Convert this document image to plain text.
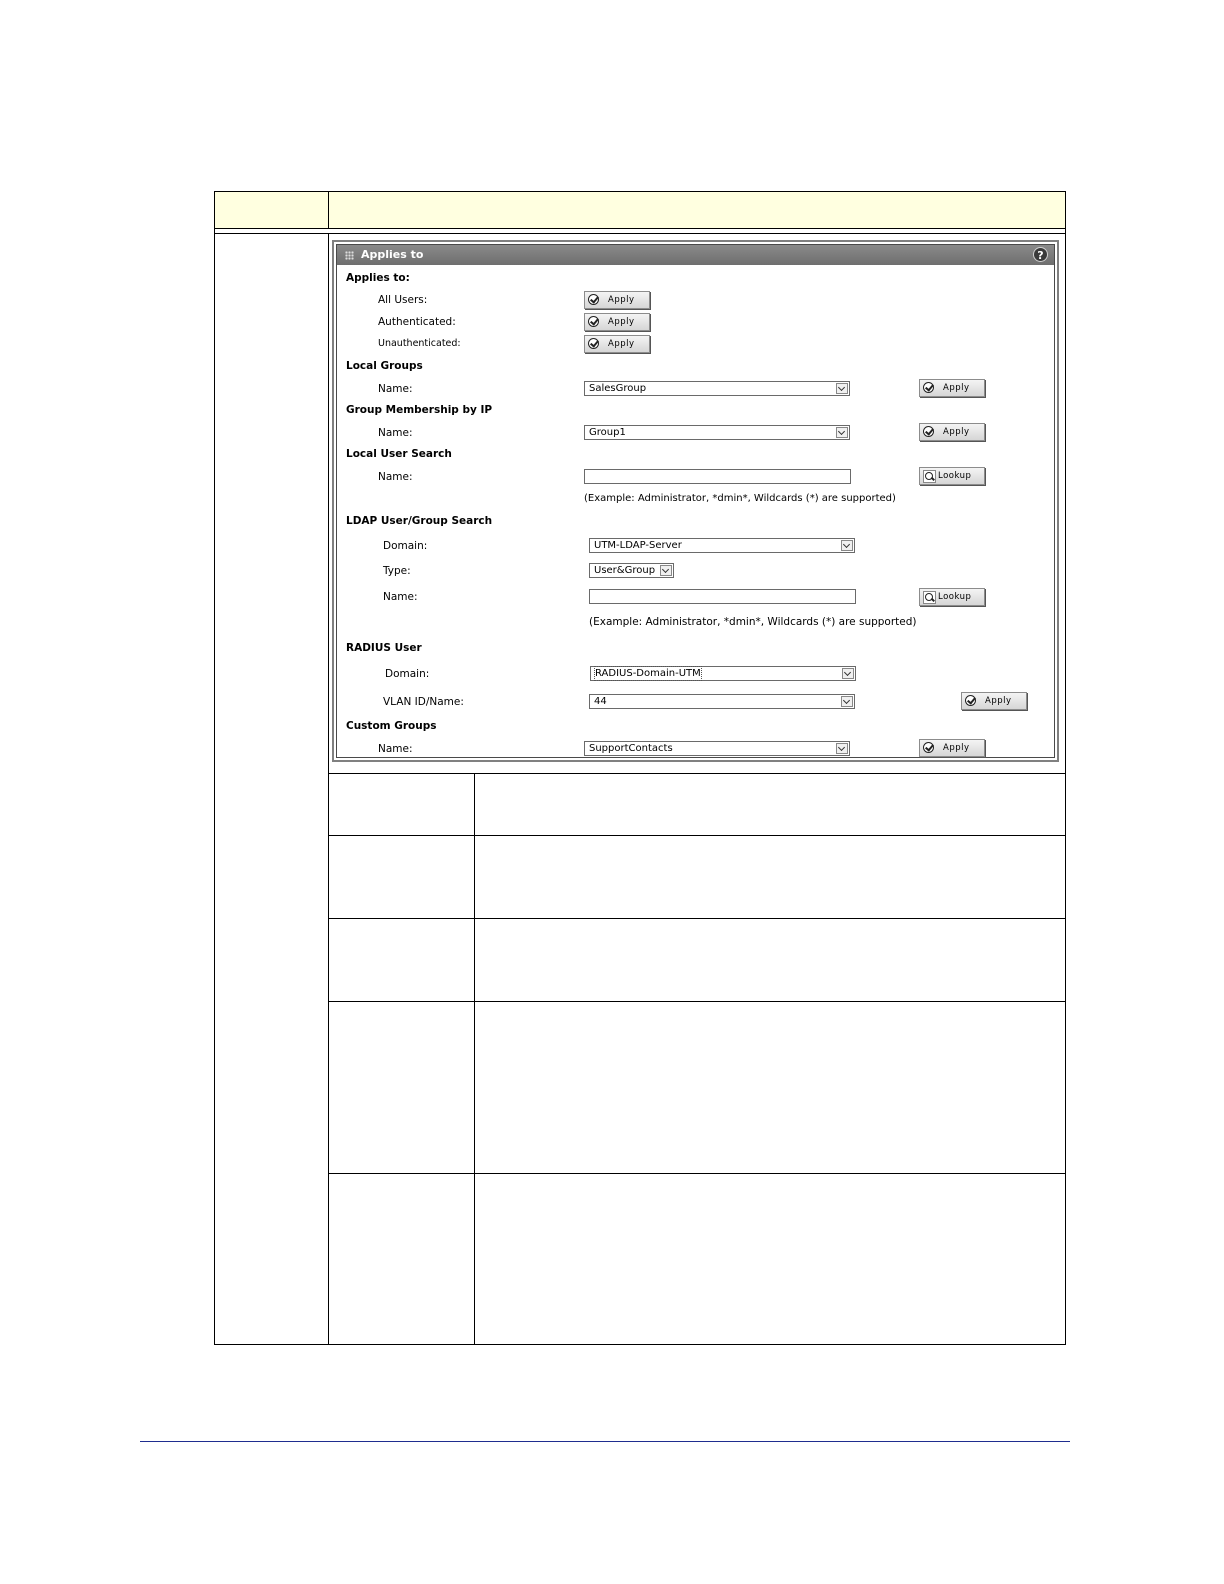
Applies to	?
Applies to:
All Users:	Apply
Authenticated:	Apply
Unauthenticated:	Apply
Local Groups
Name:	SalesGroup	Apply
Group Membership by IP
Name:	Group1	Apply
Local User Search
Name:	Lookup
(Example: Administrator, *dmin*, Wildcards (*) are supported)
LDAP User/Group Search
Domain:	UTM-LDAP-Server
Type:	User&Group
Name:	Lookup
(Example: Administrator, *dmin*, Wildcards (*) are supported)
RADIUS User
Domain:	RADIUS-Domain-UTM
VLAN ID/Name:	44	Apply
Custom Groups
Name:	SupportContacts	Apply
